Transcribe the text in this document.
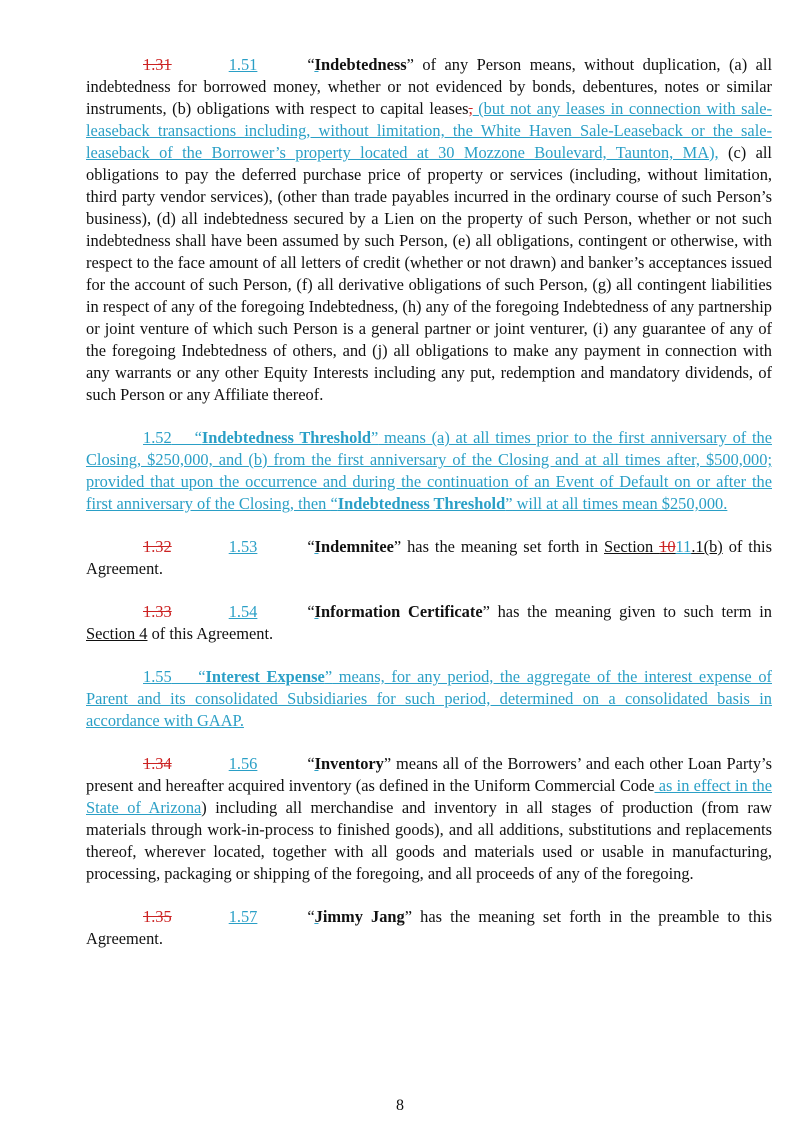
1.31	1.51	“Indebtedness” of any Person means, without duplication, (a) all indebtedness for borrowed money, whether or not evidenced by bonds, debentures, notes or similar instruments, (b) obligations with respect to capital leases, (but not any leases in connection with sale-leaseback transactions including, without limitation, the White Haven Sale-Leaseback or the sale-leaseback of the Borrower’s property located at 30 Mozzone Boulevard, Taunton, MA), (c) all obligations to pay the deferred purchase price of property or services (including, without limitation, third party vendor services), (other than trade payables incurred in the ordinary course of such Person’s business), (d) all indebtedness secured by a Lien on the property of such Person, whether or not such indebtedness shall have been assumed by such Person, (e) all obligations, contingent or otherwise, with respect to the face amount of all letters of credit (whether or not drawn) and banker’s acceptances issued for the account of such Person, (f) all derivative obligations of such Person, (g) all contingent liabilities in respect of any of the foregoing Indebtedness, (h) any of the foregoing Indebtedness of any partnership or joint venture of which such Person is a general partner or joint venturer, (i) any guarantee of any of the foregoing Indebtedness of others, and (j) all obligations to make any payment in connection with any warrants or any other Equity Interests including any put, redemption and mandatory dividends, of such Person or any Affiliate thereof.

1.52    “Indebtedness Threshold” means (a) at all times prior to the first anniversary of the Closing, $250,000, and (b) from the first anniversary of the Closing and at all times after, $500,000; provided that upon the occurrence and during the continuation of an Event of Default on or after the first anniversary of the Closing, then “Indebtedness Threshold” will at all times mean $250,000.

1.32	1.53	“Indemnitee” has the meaning set forth in Section 1011.1(b) of this Agreement.

1.33	1.54	“Information Certificate” has the meaning given to such term in Section 4 of this Agreement.

1.55    “Interest Expense” means, for any period, the aggregate of the interest expense of Parent and its consolidated Subsidiaries for such period, determined on a consolidated basis in accordance with GAAP.

1.34	1.56	“Inventory” means all of the Borrowers’ and each other Loan Party’s present and hereafter acquired inventory (as defined in the Uniform Commercial Code as in effect in the State of Arizona) including all merchandise and inventory in all stages of production (from raw materials through work-in-process to finished goods), and all additions, substitutions and replacements thereof, wherever located, together with all goods and materials used or usable in manufacturing, processing, packaging or shipping of the foregoing, and all proceeds of any of the foregoing.

1.35	1.57	“Jimmy Jang” has the meaning set forth in the preamble to this Agreement.

8
